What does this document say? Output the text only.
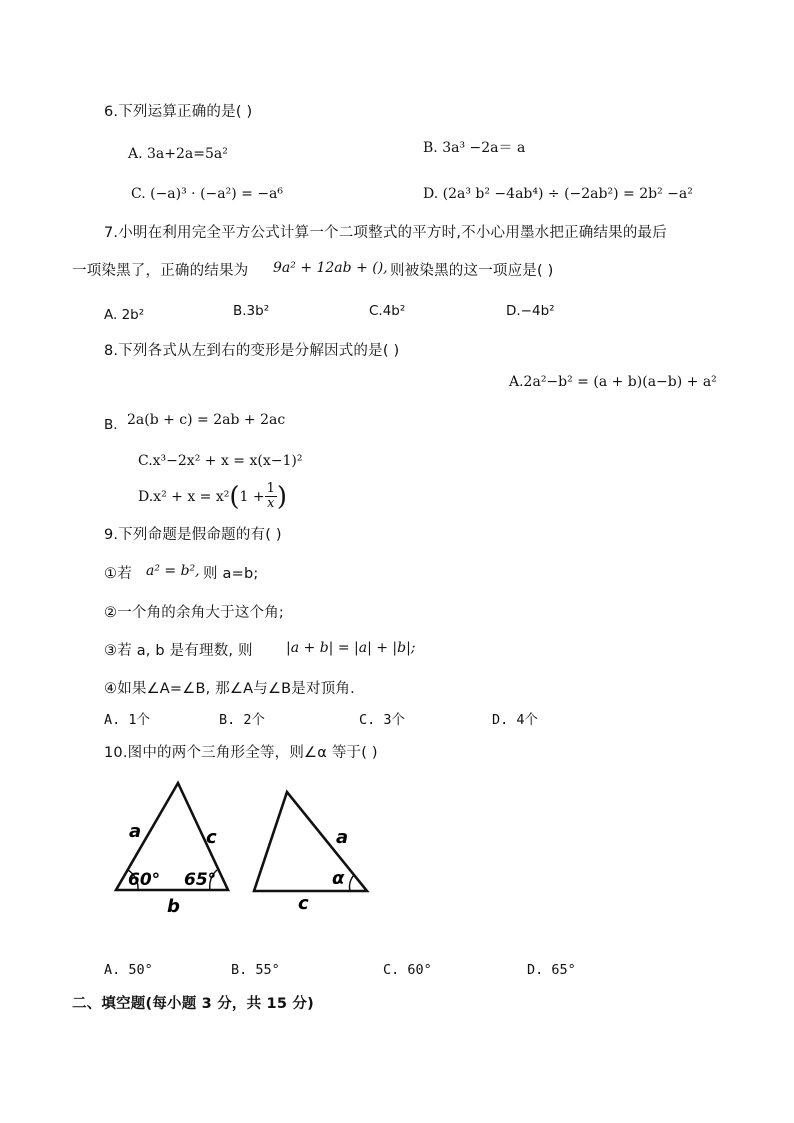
6.下列运算正确的是( )
A. 3a+2a=5a²	B. 3a³ −2a＝ a
C. (−a)³ · (−a²) = −a⁶	D. (2a³ b² −4ab⁴) ÷ (−2ab²) = 2b² −a²
7.小明在利用完全平方公式计算一个二项整式的平方时,不小心用墨水把正确结果的最后
一项染黑了，正确的结果为 9a² + 12ab + (), 则被染黑的这一项应是( )
A. 2b²	B.3b²	C.4b²	D.−4b²
8.下列各式从左到右的变形是分解因式的是( )
A.2a²−b² = (a + b)(a−b) + a²
B. 2a(b + c) = 2ab + 2ac
C.x³−2x² + x = x(x−1)²
$D.x^2 + x = x^2(1 + \frac{1}{x}$ )
9.下列命题是假命题的有( )
①若 a² = b², 则 a=b;
②一个角的余角大于这个角;
③若 a, b 是有理数, 则 |a + b| = |a| + |b|;
④如果∠A=∠B, 那∠A与∠B是对顶角.
A. 1个	B. 2个	C. 3个	D. 4个
10.图中的两个三角形全等，则∠α 等于( )
a	c
b
60° 65°
a
c
α
A. 50°	B. 55°	C. 60°	D. 65°
二、填空题(每小题 3 分，共 15 分)
